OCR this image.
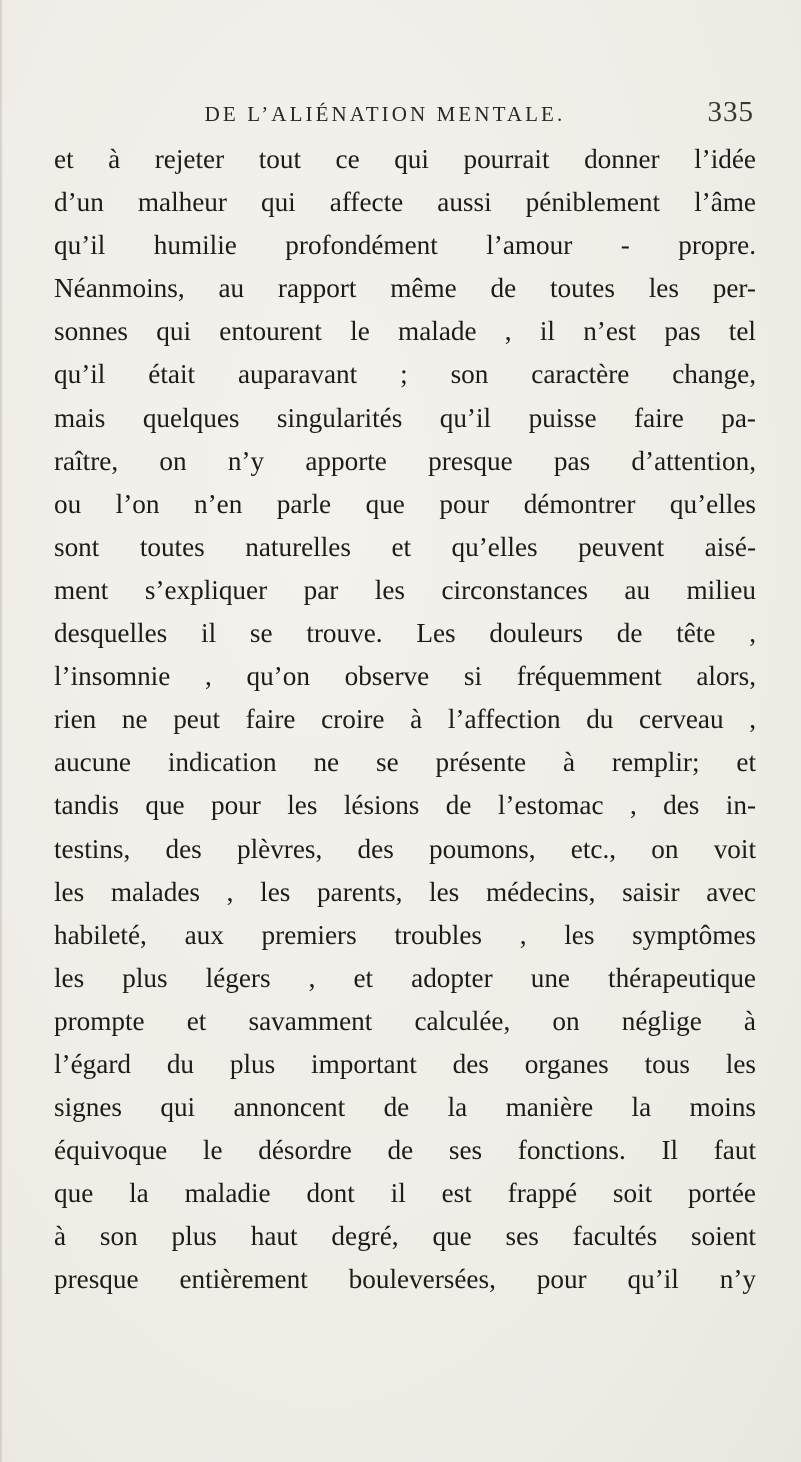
DE L’ALIÉNATION MENTALE.	335
et à rejeter tout ce qui pourrait donner l’idée
d’un malheur qui affecte aussi péniblement l’âme
qu’il humilie profondément l’amour - propre.
Néanmoins, au rapport même de toutes les per-
sonnes qui entourent le malade , il n’est pas tel
qu’il était auparavant ; son caractère change,
mais quelques singularités qu’il puisse faire pa-
raître, on n’y apporte presque pas d’attention,
ou l’on n’en parle que pour démontrer qu’elles
sont toutes naturelles et qu’elles peuvent aisé-
ment s’expliquer par les circonstances au milieu
desquelles il se trouve. Les douleurs de tête ,
l’insomnie , qu’on observe si fréquemment alors,
rien ne peut faire croire à l’affection du cerveau ,
aucune indication ne se présente à remplir; et
tandis que pour les lésions de l’estomac , des in-
testins, des plèvres, des poumons, etc., on voit
les malades , les parents, les médecins, saisir avec
habileté, aux premiers troubles , les symptômes
les plus légers , et adopter une thérapeutique
prompte et savamment calculée, on néglige à
l’égard du plus important des organes tous les
signes qui annoncent de la manière la moins
équivoque le désordre de ses fonctions. Il faut
que la maladie dont il est frappé soit portée
à son plus haut degré, que ses facultés soient
presque entièrement bouleversées, pour qu’il n’y
